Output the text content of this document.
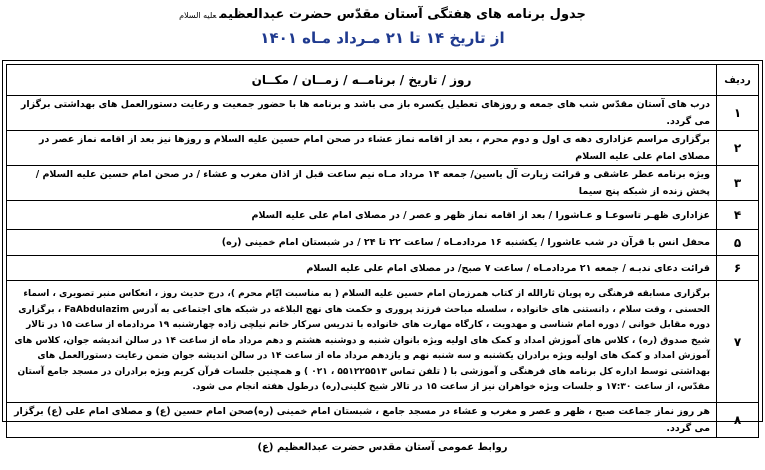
جدول برنامه های هفتگی آستان مقدّس حضرت عبدالعظیمعلیه السلام
از تاریخ ۱۴ تا ۲۱ مـرداد مـاه ۱۴۰۱
ردیف	روز / تاریخ / برنامــه / زمــان / مکــان
۱	درب های آستان مقدّس شب های جمعه و روزهای تعطیل یکسره باز می باشد و برنامه ها با حضور جمعیت و رعایت دستورالعمل های بهداشتی برگزار می گردد.
۲	برگزاری مراسم عزاداری دهه ی اول و دوم محرم ، بعد از اقامه نماز عشاء در صحن امام حسین علیه السلام و روزها نیز بعد از اقامه نماز عصر در مصلای امام علی علیه السلام
۳	ویژه برنامه عطر عاشقی و قرائت زیارت آل یاسین/ جمعه ۱۴ مرداد مـاه نیم ساعت قبل از اذان مغرب و عشاء / در صحن امام حسین علیه السلام / پخش زنده از شبکه پنج سیما
۴	عزاداری ظهـر تاسوعـا و عـاشورا / بعد از اقامه نماز ظهر و عصر / در مصلای امام علی علیه السلام
۵	محفل انس با قرآن در شب عاشورا / یکشنبه ۱۶ مردادمـاه / ساعت ۲۲ تا ۲۴ / در شبستان امام خمینی (ره)
۶	قرائت دعای ندبـه / جمعه ۲۱ مردادمـاه / ساعت ۷ صبح/ در مصلای امام علی علیه السلام
۷	برگزاری مسابقه فرهنگی ره پویان ثارالله از کتاب همرزمان امام حسین علیه السلام ( به مناسبت ایّام محرم )، درج حدیث روز ، انعکاس منبر تصویری ، اسماء الحسنی ، وقت سلام ، دانستنی های خانواده ، سلسله مباحث فرزند پروری و حکمت های نهج البلاغه در شبکه های اجتماعی به آدرس FaAbdulazim ، برگزاری دوره مقابل خوانی / دوره امام شناسی و مهدویت ، کارگاه مهارت های خانواده با تدریس سرکار خانم نیلچی زاده چهارشنبه ۱۹ مردادماه از ساعت ۱۵ در تالار شیخ صدوق (ره) ، کلاس های آموزش امداد و کمک های اولیه ویژه بانوان شنبه و دوشنبه هشتم و دهم مرداد ماه از ساعت ۱۴ در سالن اندیشه جوان، کلاس های آموزش امداد و کمک های اولیه ویژه برادران یکشنبه و سه شنبه نهم و یازدهم مرداد ماه از ساعت ۱۴ در سالن اندیشه جوان ضمن رعایت دستورالعمل های بهداشتی توسط اداره کل برنامه های فرهنگی و آموزشی با ( تلفن تماس ۵۵۱۲۲۵۵۱۳ ، ۰۲۱ ) و همچنین جلسات قرآن کریم ویژه برادران در مسجد جامع آستان مقدّس، از ساعت ۱۷:۳۰ و جلسات ویژه خواهران نیز از ساعت ۱۵ در تالار شیخ کلینی(ره) درطول هفته انجام می شود.
۸	هر روز نماز جماعت صبح ، ظهر و عصر و مغرب و عشاء در مسجد جامع ، شبستان امام خمینی (ره)صحن امام حسین (ع) و مصلای امام علی (ع) برگزار می گردد.
روابط عمومی آستان مقدس حضرت عبدالعظیم (ع)
